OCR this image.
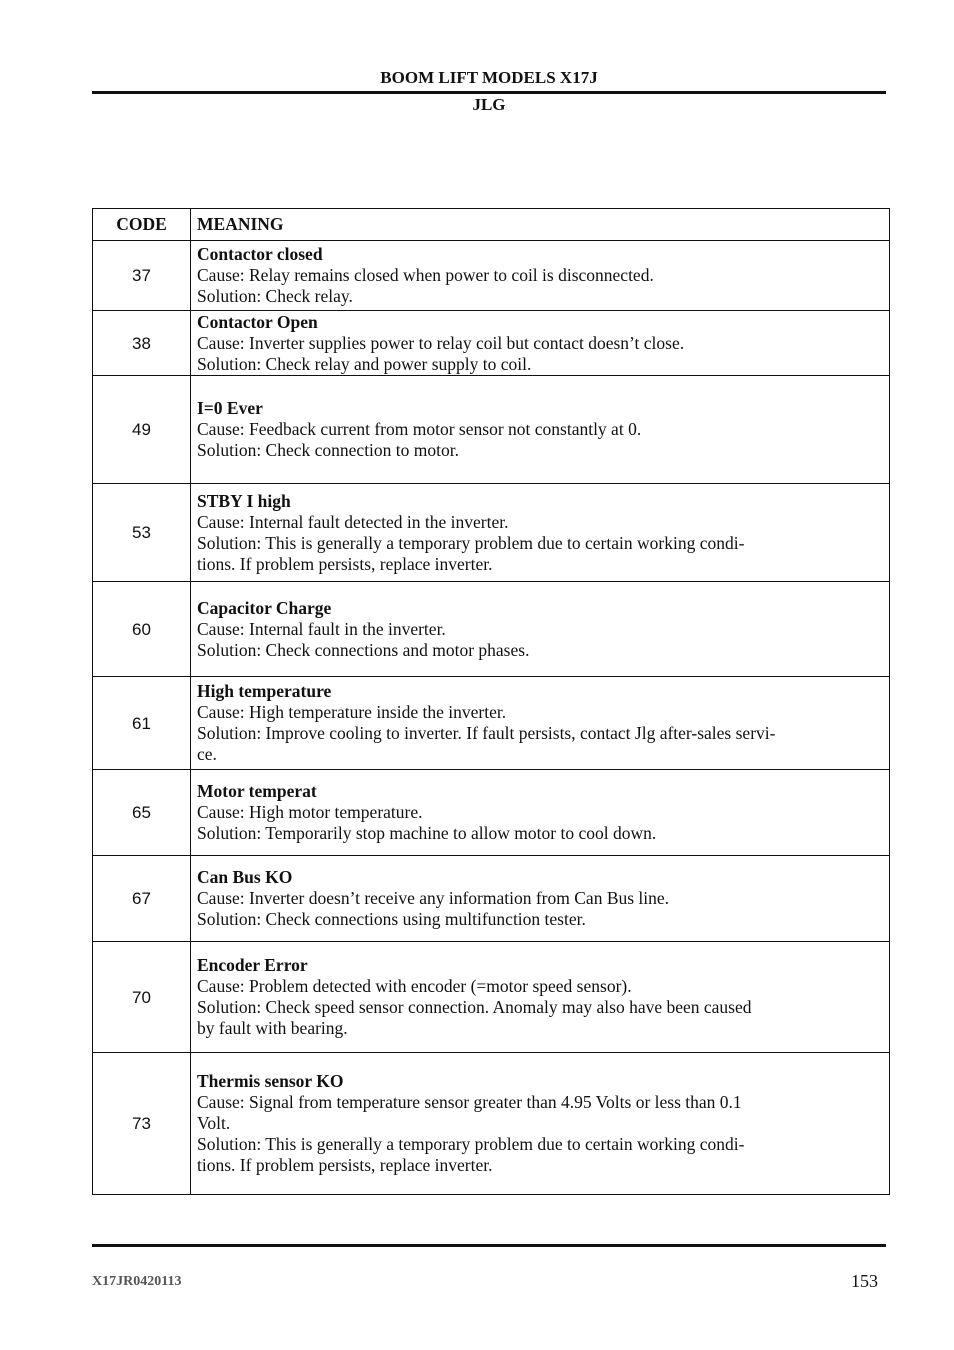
BOOM LIFT MODELS X17J
JLG
CODE	MEANING
37	Contactor closed
Cause: Relay remains closed when power to coil is disconnected.
Solution: Check relay.

38	Contactor Open
Cause: Inverter supplies power to relay coil but contact doesn’t close.
Solution: Check relay and power supply to coil.

49	I=0 Ever
Cause: Feedback current from motor sensor not constantly at 0.
Solution: Check connection to motor.

53	STBY I high
Cause: Internal fault detected in the inverter.
Solution: This is generally a temporary problem due to certain working condi-
tions. If problem persists, replace inverter.

60	Capacitor Charge
Cause: Internal fault in the inverter.
Solution: Check connections and motor phases.

61	High temperature
Cause: High temperature inside the inverter.
Solution: Improve cooling to inverter. If fault persists, contact Jlg after-sales servi-
ce.

65	Motor temperat
Cause: High motor temperature.
Solution: Temporarily stop machine to allow motor to cool down.

67	Can Bus KO
Cause: Inverter doesn’t receive any information from Can Bus line.
Solution: Check connections using multifunction tester.

70	Encoder Error
Cause: Problem detected with encoder (=motor speed sensor).
Solution: Check speed sensor connection. Anomaly may also have been caused
by fault with bearing.

73	Thermis sensor KO
Cause: Signal from temperature sensor greater than 4.95 Volts or less than 0.1
Volt.
Solution: This is generally a temporary problem due to certain working condi-
tions. If problem persists, replace inverter.
X17JR0420113	153
